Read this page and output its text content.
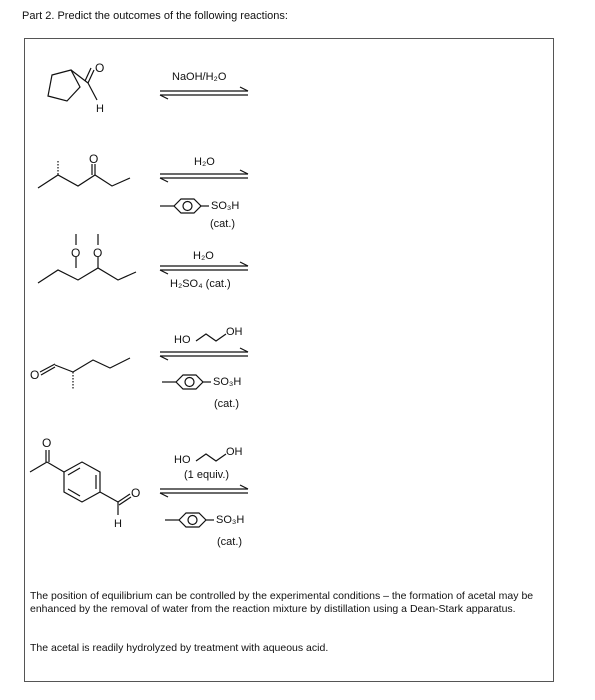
Part 2. Predict the outcomes of the following reactions:
O
H
O
O O
O
O
O
H
NaOH/H₂O
H₂O
SO₃H
(cat.)
H₂O
H₂SO₄ (cat.)
HO
OH
SO₃H
(cat.)
HO
OH
(1 equiv.)
SO₃H
(cat.)
The position of equilibrium can be controlled by the experimental conditions – the formation of acetal may be enhanced by the removal of water from the reaction mixture by distillation using a Dean-Stark apparatus.
The acetal is readily hydrolyzed by treatment with aqueous acid.
